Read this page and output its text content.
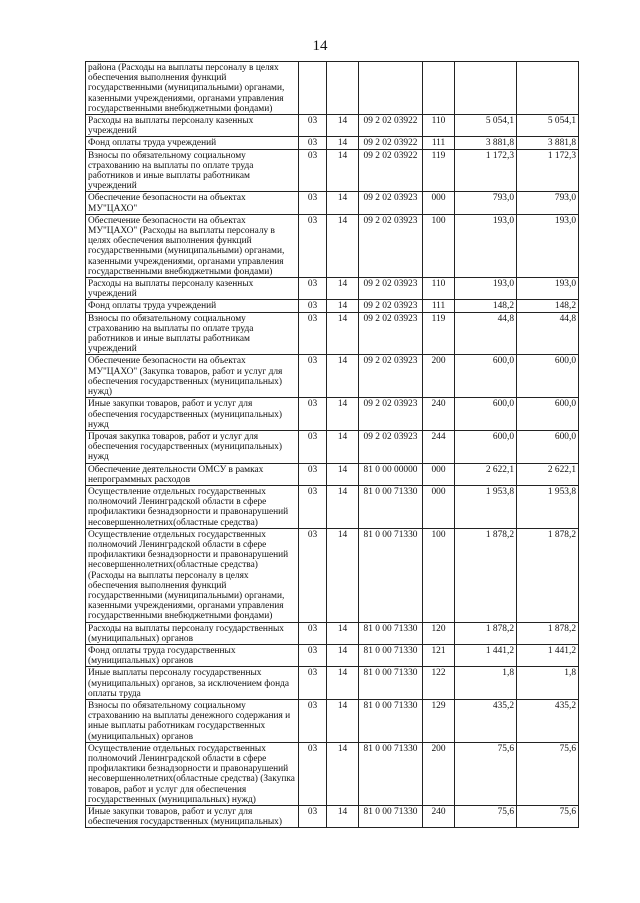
14
района (Расходы на выплаты персоналу в целях обеспечения выполнения функций государственными (муниципальными) органами, казенными учреждениями, органами управления государственными внебюджетными фондами)						
Расходы на выплаты персоналу казенных учреждений	03	14	09 2 02 03922	110	5 054,1	5 054,1
Фонд оплаты труда учреждений	03	14	09 2 02 03922	111	3 881,8	3 881,8
Взносы по обязательному социальному страхованию на выплаты по оплате труда работников и иные выплаты работникам учреждений	03	14	09 2 02 03922	119	1 172,3	1 172,3
Обеспечение безопасности на объектах МУ"ЦАХО"	03	14	09 2 02 03923	000	793,0	793,0
Обеспечение безопасности на объектах МУ"ЦАХО" (Расходы на выплаты персоналу в целях обеспечения выполнения функций государственными (муниципальными) органами, казенными учреждениями, органами управления государственными внебюджетными фондами)	03	14	09 2 02 03923	100	193,0	193,0
Расходы на выплаты персоналу казенных учреждений	03	14	09 2 02 03923	110	193,0	193,0
Фонд оплаты труда учреждений	03	14	09 2 02 03923	111	148,2	148,2
Взносы по обязательному социальному страхованию на выплаты по оплате труда работников и иные выплаты работникам учреждений	03	14	09 2 02 03923	119	44,8	44,8
Обеспечение безопасности на объектах МУ"ЦАХО" (Закупка товаров, работ и услуг для обеспечения государственных (муниципальных) нужд)	03	14	09 2 02 03923	200	600,0	600,0
Иные закупки товаров, работ и услуг для обеспечения государственных (муниципальных) нужд	03	14	09 2 02 03923	240	600,0	600,0
Прочая закупка товаров, работ и услуг для обеспечения государственных (муниципальных) нужд	03	14	09 2 02 03923	244	600,0	600,0
Обеспечение деятельности ОМСУ в рамках непрограммных расходов	03	14	81 0 00 00000	000	2 622,1	2 622,1
Осуществление отдельных государственных полномочий Ленинградской области в сфере профилактики безнадзорности и правонарушений несовершеннолетних(областные средства)	03	14	81 0 00 71330	000	1 953,8	1 953,8
Осуществление отдельных государственных полномочий Ленинградской области в сфере профилактики безнадзорности и правонарушений несовершеннолетних(областные средства) (Расходы на выплаты персоналу в целях обеспечения выполнения функций государственными (муниципальными) органами, казенными учреждениями, органами управления государственными внебюджетными фондами)	03	14	81 0 00 71330	100	1 878,2	1 878,2
Расходы на выплаты персоналу государственных (муниципальных) органов	03	14	81 0 00 71330	120	1 878,2	1 878,2
Фонд оплаты труда государственных (муниципальных) органов	03	14	81 0 00 71330	121	1 441,2	1 441,2
Иные выплаты персоналу государственных (муниципальных) органов, за исключением фонда оплаты труда	03	14	81 0 00 71330	122	1,8	1,8
Взносы по обязательному социальному страхованию на выплаты денежного содержания и иные выплаты работникам государственных (муниципальных) органов	03	14	81 0 00 71330	129	435,2	435,2
Осуществление отдельных государственных полномочий Ленинградской области в сфере профилактики безнадзорности и правонарушений несовершеннолетних(областные средства) (Закупка товаров, работ и услуг для обеспечения государственных (муниципальных) нужд)	03	14	81 0 00 71330	200	75,6	75,6
Иные закупки товаров, работ и услуг для обеспечения государственных (муниципальных)	03	14	81 0 00 71330	240	75,6	75,6
